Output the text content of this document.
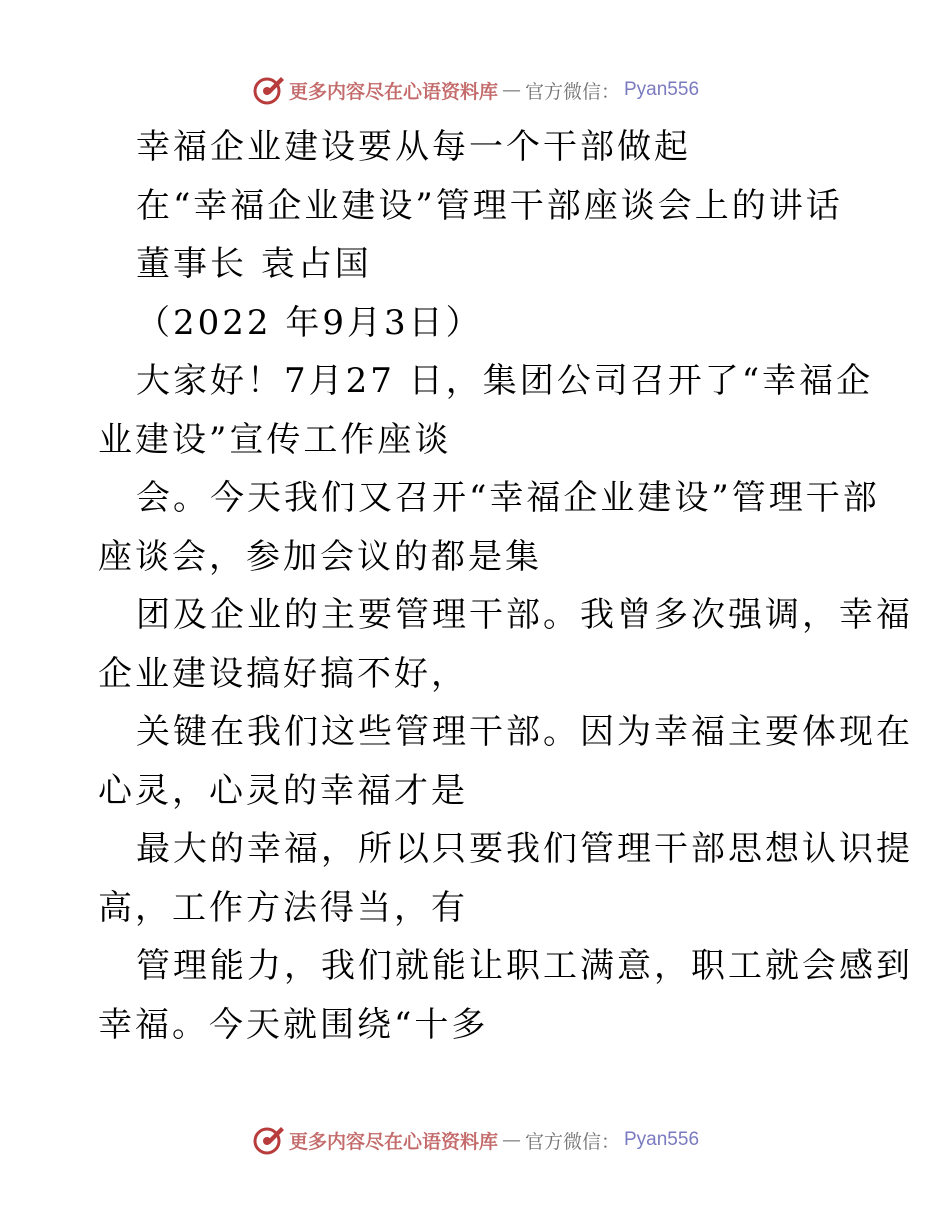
更多内容尽在心语资料库 — 官方微信： Pyan556
幸福企业建设要从每一个干部做起
在“幸福企业建设”管理干部座谈会上的讲话
董事长 袁占国
（2022 年9月3日）
大家好！7月27 日，集团公司召开了“幸福企
业建设”宣传工作座谈
会。今天我们又召开“幸福企业建设”管理干部
座谈会，参加会议的都是集
团及企业的主要管理干部。我曾多次强调，幸福
企业建设搞好搞不好，
关键在我们这些管理干部。因为幸福主要体现在
心灵，心灵的幸福才是
最大的幸福，所以只要我们管理干部思想认识提
高，工作方法得当，有
管理能力，我们就能让职工满意，职工就会感到
幸福。今天就围绕“十多
更多内容尽在心语资料库 — 官方微信： Pyan556
